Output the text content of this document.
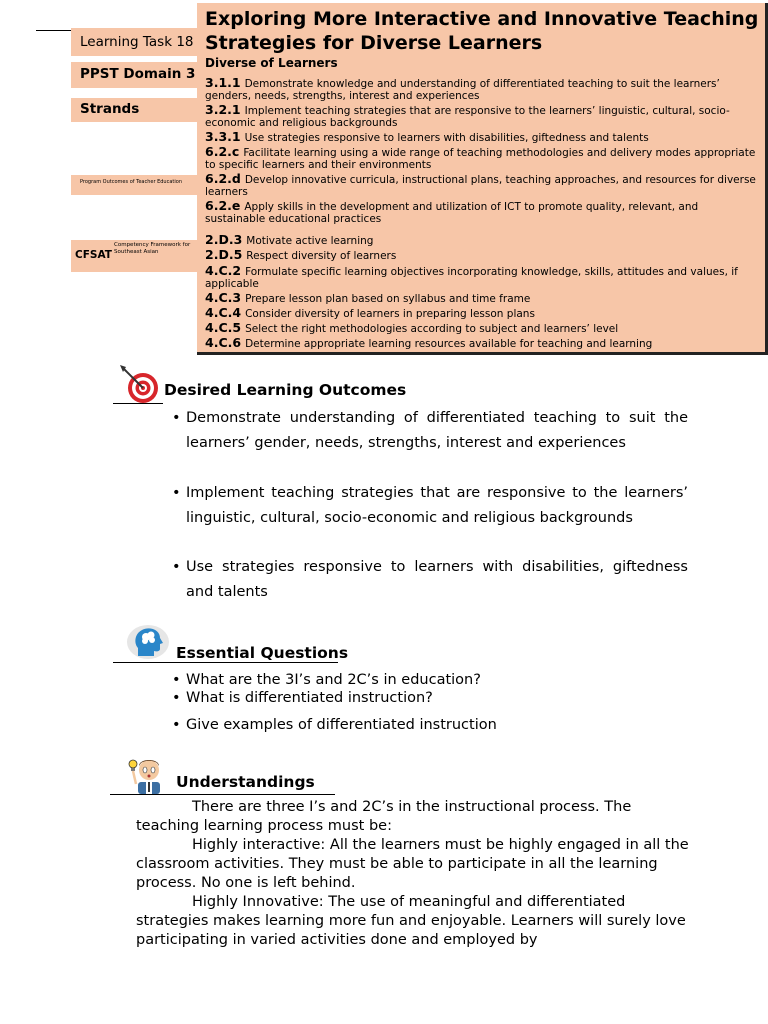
Learning Task 18
PPST Domain 3
Strands
Program Outcomes of Teacher Education
CFSAT
Competency Framework for Southeast Asian
Exploring More Interactive and Innovative Teaching Strategies for Diverse Learners
Diverse of Learners
3.1.1 Demonstrate knowledge and understanding of differentiated teaching to suit the learners’ genders, needs, strengths, interest and experiences
3.2.1 Implement teaching strategies that are responsive to the learners’ linguistic, cultural, socio-economic and religious backgrounds
3.3.1 Use strategies responsive to learners with disabilities, giftedness and talents
6.2.c Facilitate learning using a wide range of teaching methodologies and delivery modes appropriate to specific learners and their environments
6.2.d Develop innovative curricula, instructional plans, teaching approaches, and resources for diverse learners
6.2.e Apply skills in the development and utilization of ICT to promote quality, relevant, and sustainable educational practices
2.D.3 Motivate active learning
2.D.5 Respect diversity of learners
4.C.2 Formulate specific learning objectives incorporating knowledge, skills, attitudes and values, if applicable
4.C.3 Prepare lesson plan based on syllabus and time frame
4.C.4 Consider diversity of learners in preparing lesson plans
4.C.5 Select the right methodologies according to subject and learners’ level
4.C.6 Determine appropriate learning resources available for teaching and learning
Desired Learning Outcomes
• Demonstrate understanding of differentiated teaching to suit the learners’ gender, needs, strengths, interest and experiences
• Implement teaching strategies that are responsive to the learners’ linguistic, cultural, socio-economic and religious backgrounds
• Use strategies responsive to learners with disabilities, giftedness and talents
Essential Questions
• What are the 3I’s and 2C’s in education?
• What is differentiated instruction?
• Give examples of differentiated instruction
Understandings

There are three I’s and 2C’s in the instructional process. The teaching learning process must be:

Highly interactive: All the learners must be highly engaged in all the classroom activities. They must be able to participate in all the learning process. No one is left behind.

Highly Innovative: The use of meaningful and differentiated strategies makes learning more fun and enjoyable. Learners will surely love participating in varied activities done and employed by
